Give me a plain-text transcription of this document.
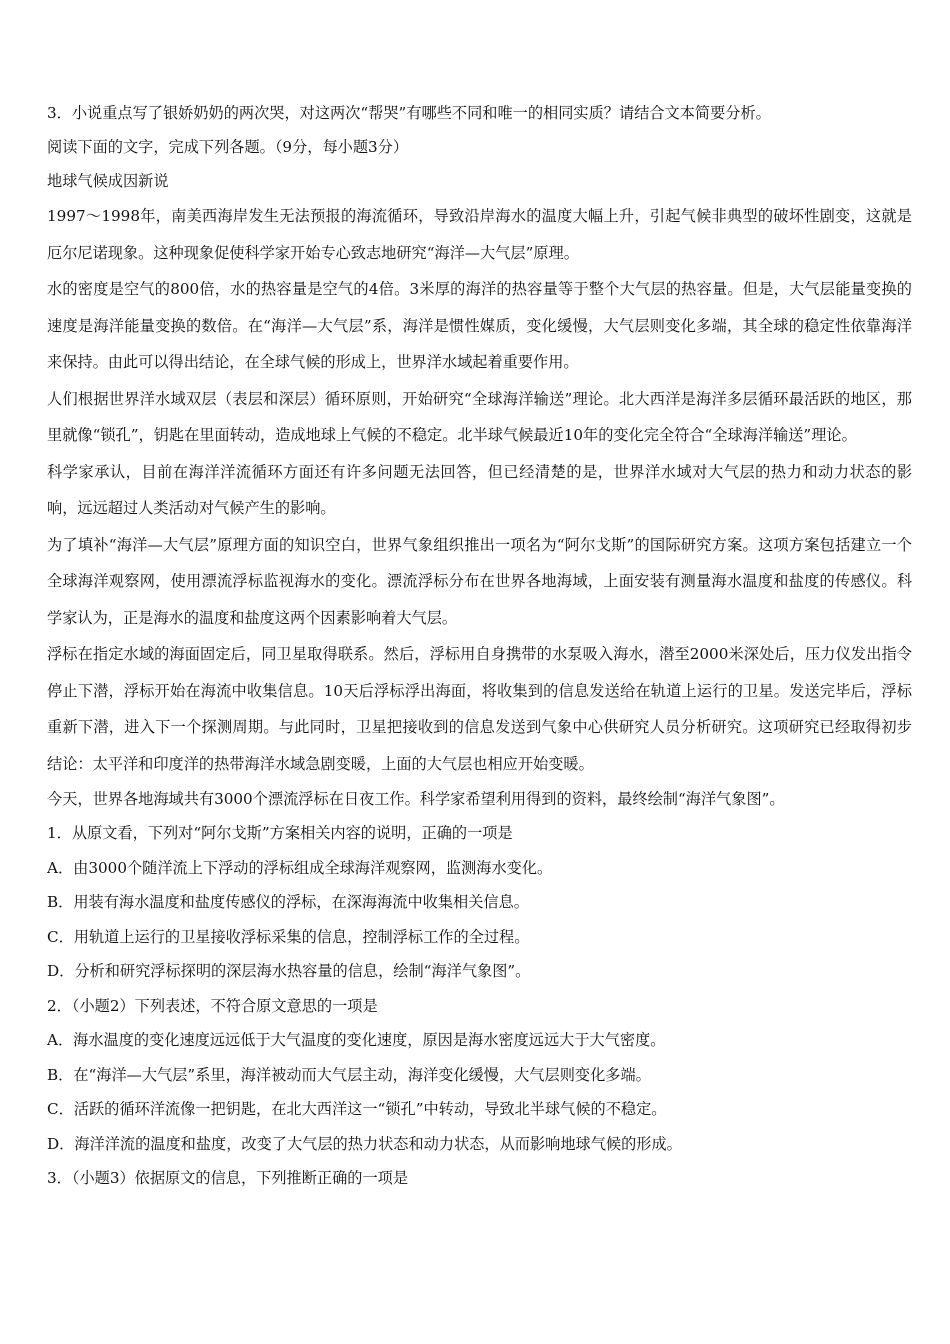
3．小说重点写了银娇奶奶的两次哭，对这两次“帮哭”有哪些不同和唯一的相同实质？请结合文本简要分析。

阅读下面的文字，完成下列各题。（9分，每小题3分）

地球气候成因新说

1997～1998年，南美西海岸发生无法预报的海流循环，导致沿岸海水的温度大幅上升，引起气候非典型的破坏性剧变，这就是厄尔尼诺现象。这种现象促使科学家开始专心致志地研究“海洋—大气层”原理。

水的密度是空气的800倍，水的热容量是空气的4倍。3米厚的海洋的热容量等于整个大气层的热容量。但是，大气层能量变换的速度是海洋能量变换的数倍。在“海洋—大气层”系，海洋是惯性媒质，变化缓慢，大气层则变化多端，其全球的稳定性依靠海洋来保持。由此可以得出结论，在全球气候的形成上，世界洋水域起着重要作用。

人们根据世界洋水域双层（表层和深层）循环原则，开始研究“全球海洋输送”理论。北大西洋是海洋多层循环最活跃的地区，那里就像“锁孔”，钥匙在里面转动，造成地球上气候的不稳定。北半球气候最近10年的变化完全符合“全球海洋输送”理论。

科学家承认，目前在海洋洋流循环方面还有许多问题无法回答，但已经清楚的是，世界洋水域对大气层的热力和动力状态的影响，远远超过人类活动对气候产生的影响。

为了填补“海洋—大气层”原理方面的知识空白，世界气象组织推出一项名为“阿尔戈斯”的国际研究方案。这项方案包括建立一个全球海洋观察网，使用漂流浮标监视海水的变化。漂流浮标分布在世界各地海域，上面安装有测量海水温度和盐度的传感仪。科学家认为，正是海水的温度和盐度这两个因素影响着大气层。

浮标在指定水域的海面固定后，同卫星取得联系。然后，浮标用自身携带的水泵吸入海水，潜至2000米深处后，压力仪发出指令停止下潜，浮标开始在海流中收集信息。10天后浮标浮出海面，将收集到的信息发送给在轨道上运行的卫星。发送完毕后，浮标重新下潜，进入下一个探测周期。与此同时，卫星把接收到的信息发送到气象中心供研究人员分析研究。这项研究已经取得初步结论：太平洋和印度洋的热带海洋水域急剧变暖，上面的大气层也相应开始变暖。

今天，世界各地海域共有3000个漂流浮标在日夜工作。科学家希望利用得到的资料，最终绘制“海洋气象图”。

1．从原文看，下列对“阿尔戈斯”方案相关内容的说明，正确的一项是

A．由3000个随洋流上下浮动的浮标组成全球海洋观察网，监测海水变化。

B．用装有海水温度和盐度传感仪的浮标，在深海海流中收集相关信息。

C．用轨道上运行的卫星接收浮标采集的信息，控制浮标工作的全过程。

D．分析和研究浮标探明的深层海水热容量的信息，绘制“海洋气象图”。

2．（小题2）下列表述，不符合原文意思的一项是

A．海水温度的变化速度远远低于大气温度的变化速度，原因是海水密度远远大于大气密度。

B．在“海洋—大气层”系里，海洋被动而大气层主动，海洋变化缓慢，大气层则变化多端。

C．活跃的循环洋流像一把钥匙，在北大西洋这一“锁孔”中转动，导致北半球气候的不稳定。

D．海洋洋流的温度和盐度，改变了大气层的热力状态和动力状态，从而影响地球气候的形成。

3．（小题3）依据原文的信息，下列推断正确的一项是
